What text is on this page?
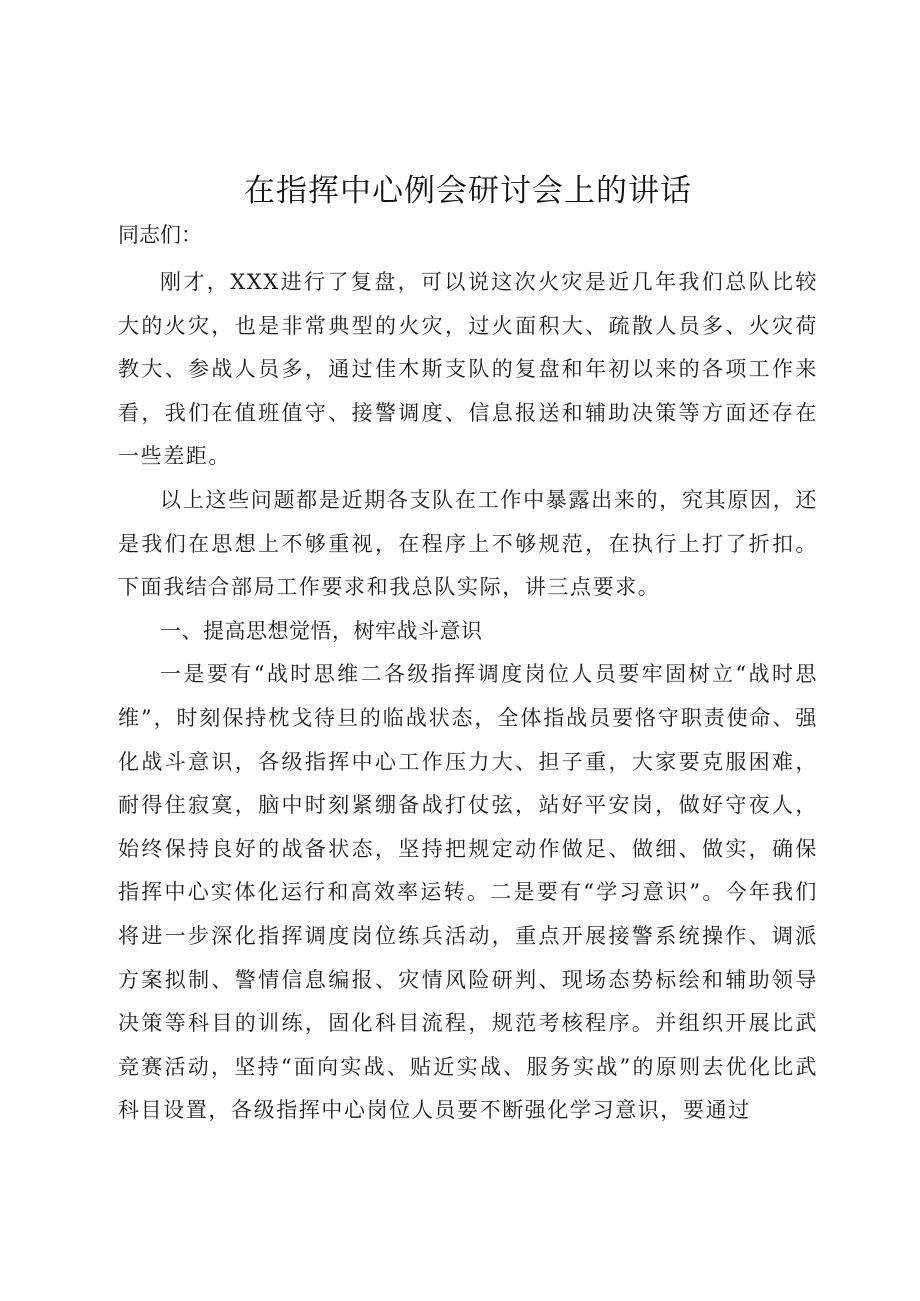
在指挥中心例会研讨会上的讲话

同志们：

刚才，XXX进行了复盘，可以说这次火灾是近几年我们总队比较大的火灾，也是非常典型的火灾，过火面积大、疏散人员多、火灾荷教大、参战人员多，通过佳木斯支队的复盘和年初以来的各项工作来看，我们在值班值守、接警调度、信息报送和辅助决策等方面还存在一些差距。

以上这些问题都是近期各支队在工作中暴露出来的，究其原因，还是我们在思想上不够重视，在程序上不够规范，在执行上打了折扣。下面我结合部局工作要求和我总队实际，讲三点要求。

一、提高思想觉悟，树牢战斗意识

一是要有“战时思维二各级指挥调度岗位人员要牢固树立“战时思维”，时刻保持枕戈待旦的临战状态，全体指战员要恪守职责使命、强化战斗意识，各级指挥中心工作压力大、担子重，大家要克服困难，耐得住寂寞，脑中时刻紧绷备战打仗弦，站好平安岗，做好守夜人，始终保持良好的战备状态，坚持把规定动作做足、做细、做实，确保指挥中心实体化运行和高效率运转。二是要有“学习意识”。今年我们将进一步深化指挥调度岗位练兵活动，重点开展接警系统操作、调派方案拟制、警情信息编报、灾情风险研判、现场态势标绘和辅助领导决策等科目的训练，固化科目流程，规范考核程序。并组织开展比武竞赛活动，坚持“面向实战、贴近实战、服务实战”的原则去优化比武科目设置，各级指挥中心岗位人员要不断强化学习意识，要通过
